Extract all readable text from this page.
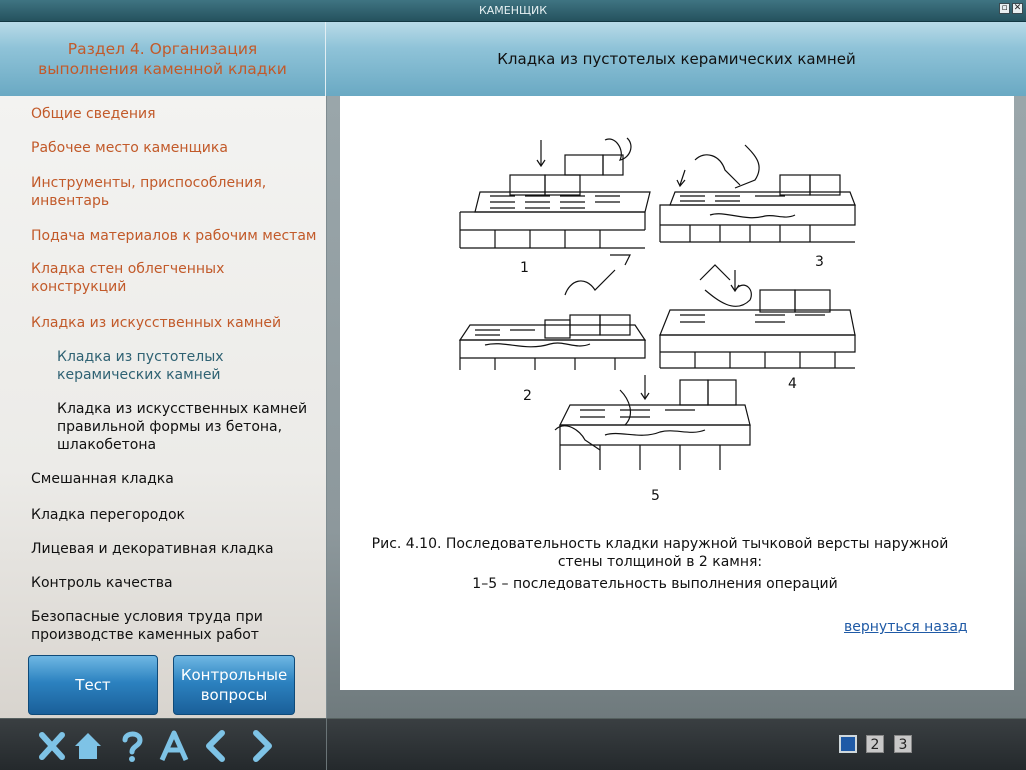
КАМЕНЩИК	▫ ✕
Раздел 4. Организация выполнения каменной кладки
Кладка из пустотелых керамических камней
Общие сведения
Рабочее место каменщика
Инструменты, приспособления, инвентарь
Подача материалов к рабочим местам
Кладка стен облегченных конструкций
Кладка из искусственных камней
Кладка из пустотелых керамических камней
Кладка из искусственных камней правильной формы из бетона, шлакобетона
Смешанная кладка
Кладка перегородок
Лицевая и декоративная кладка
Контроль качества
Безопасные условия труда при производстве каменных работ
Тест
Контрольные вопросы
1
2
3
4
5
Рис. 4.10. Последовательность кладки наружной тычковой версты наружной стены толщиной в 2 камня:
1–5 – последовательность выполнения операций
вернуться назад
2	3
